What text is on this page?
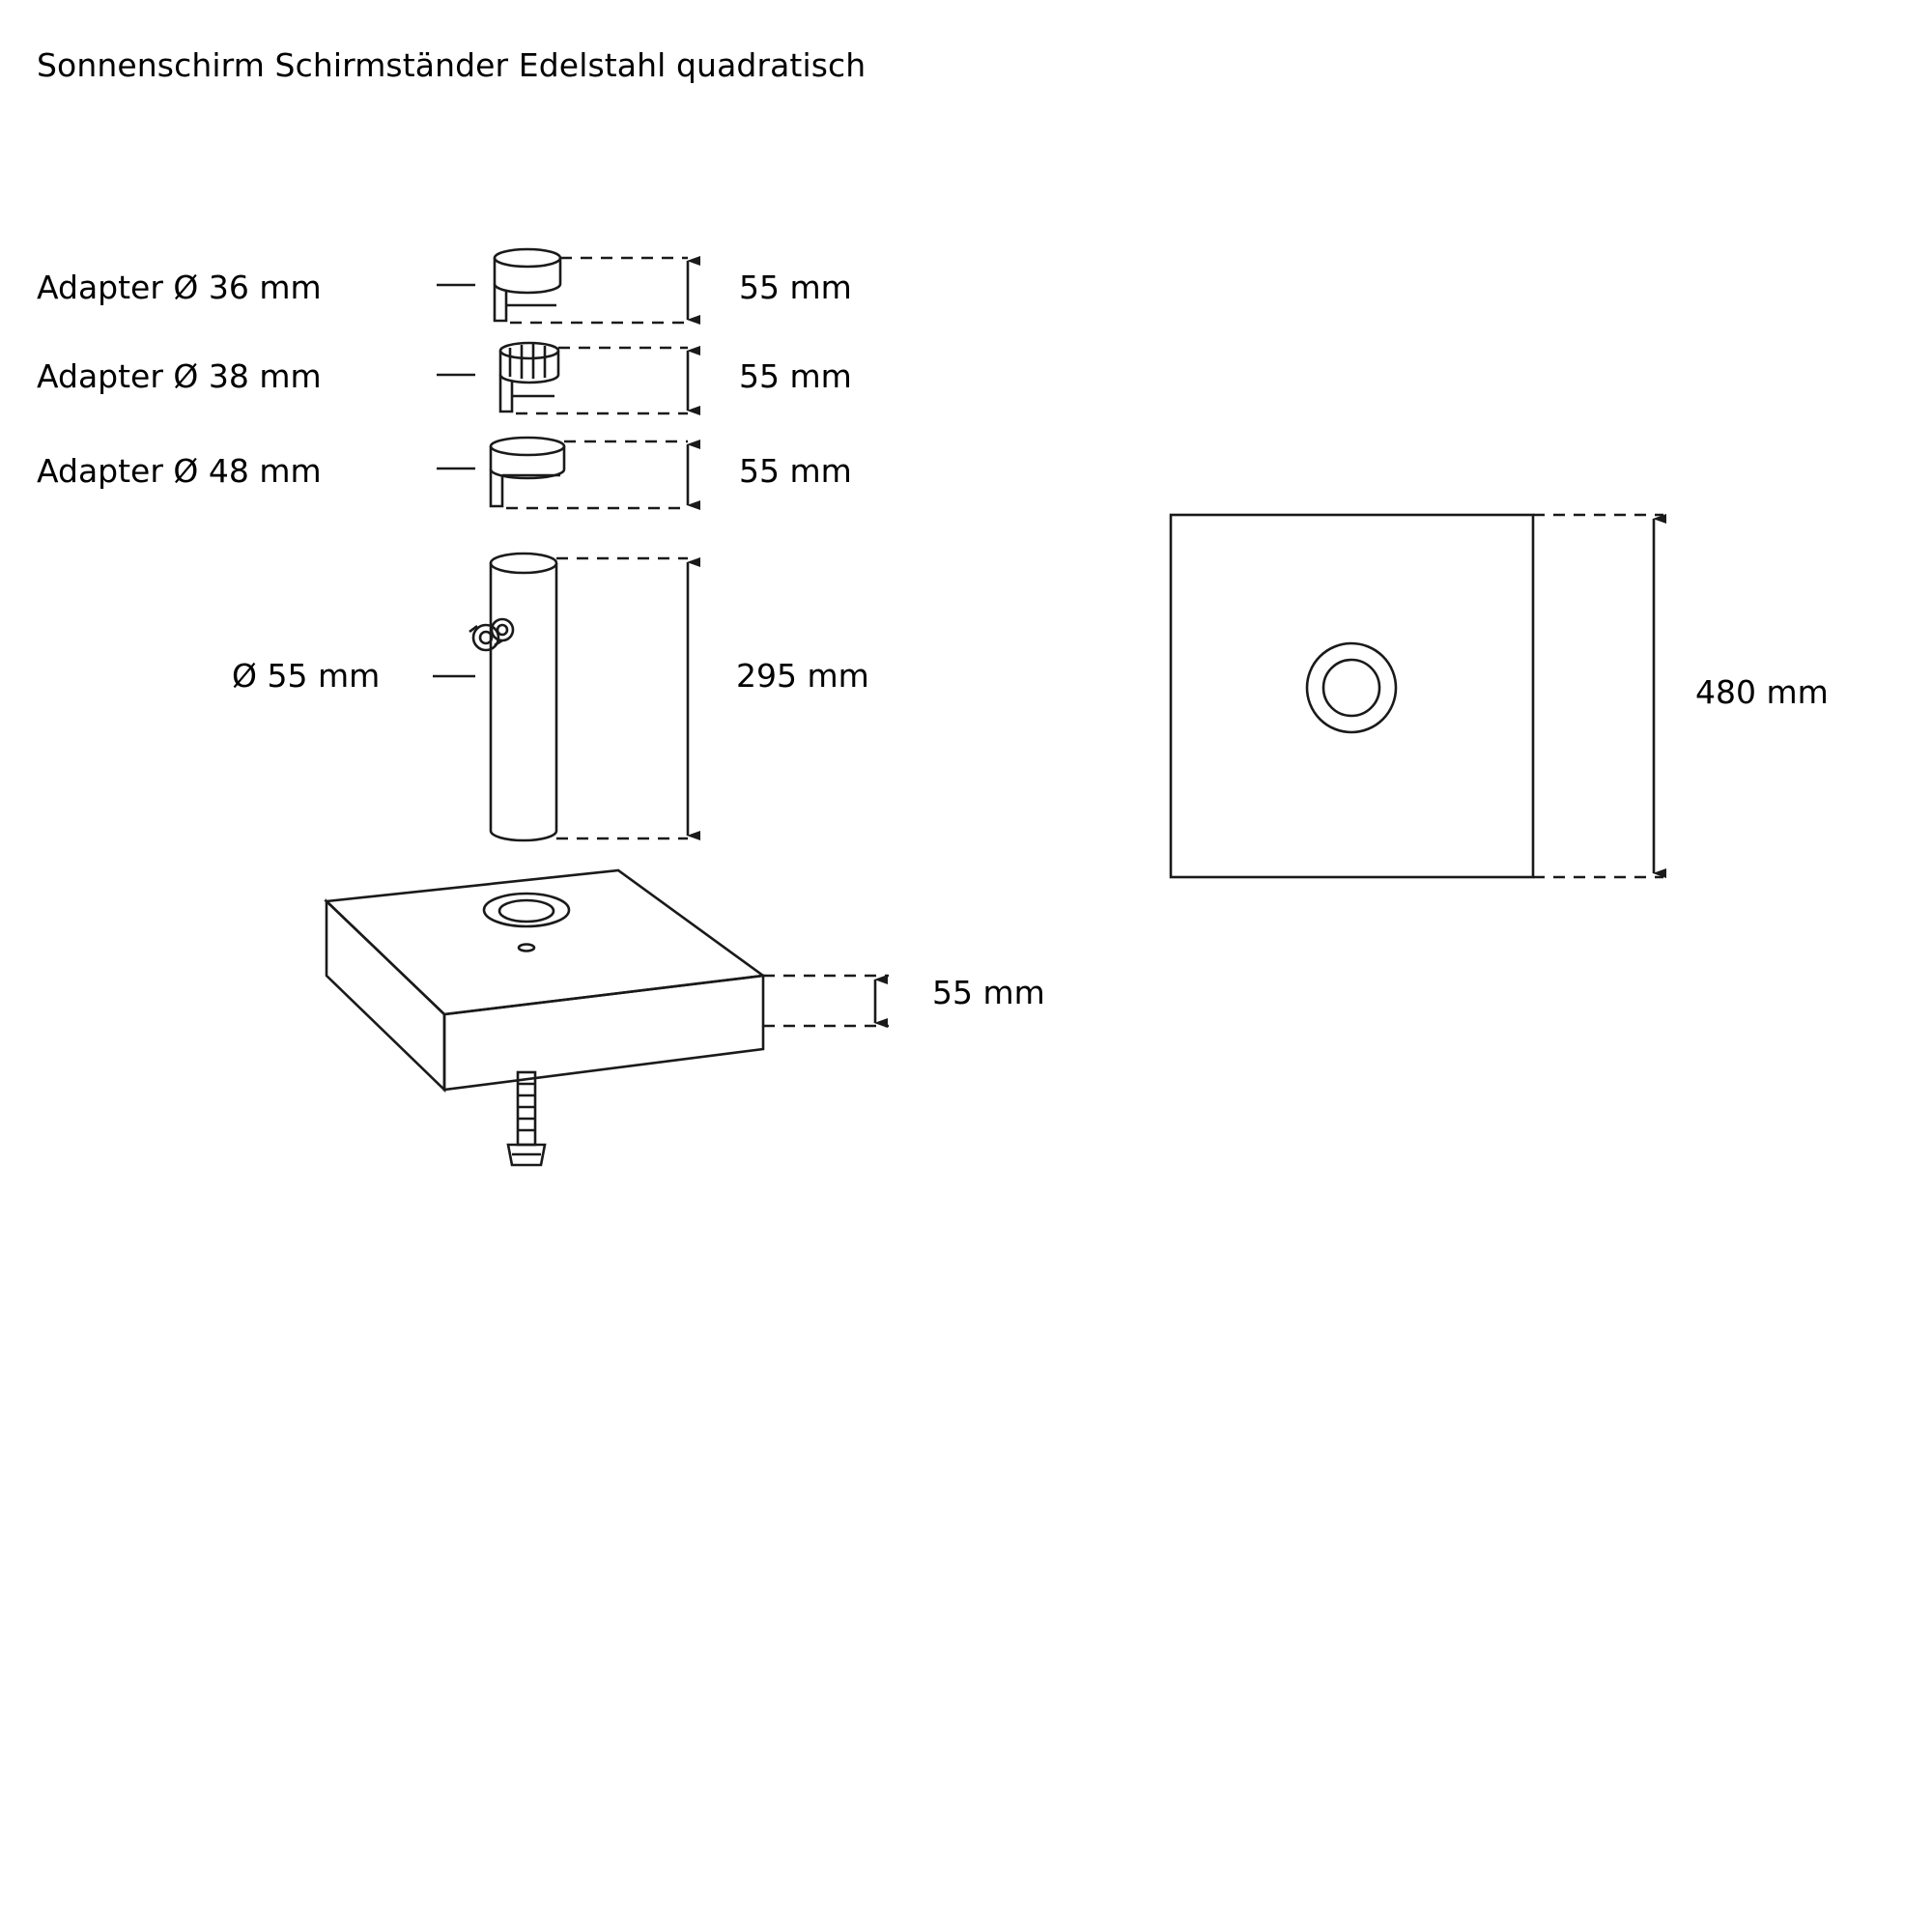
Sonnenschirm Schirmständer Edelstahl quadratisch
Adapter Ø 36 mm
Adapter Ø 38 mm
Adapter Ø 48 mm
Ø 55 mm
55 mm
55 mm
55 mm
295 mm
55 mm
480 mm
